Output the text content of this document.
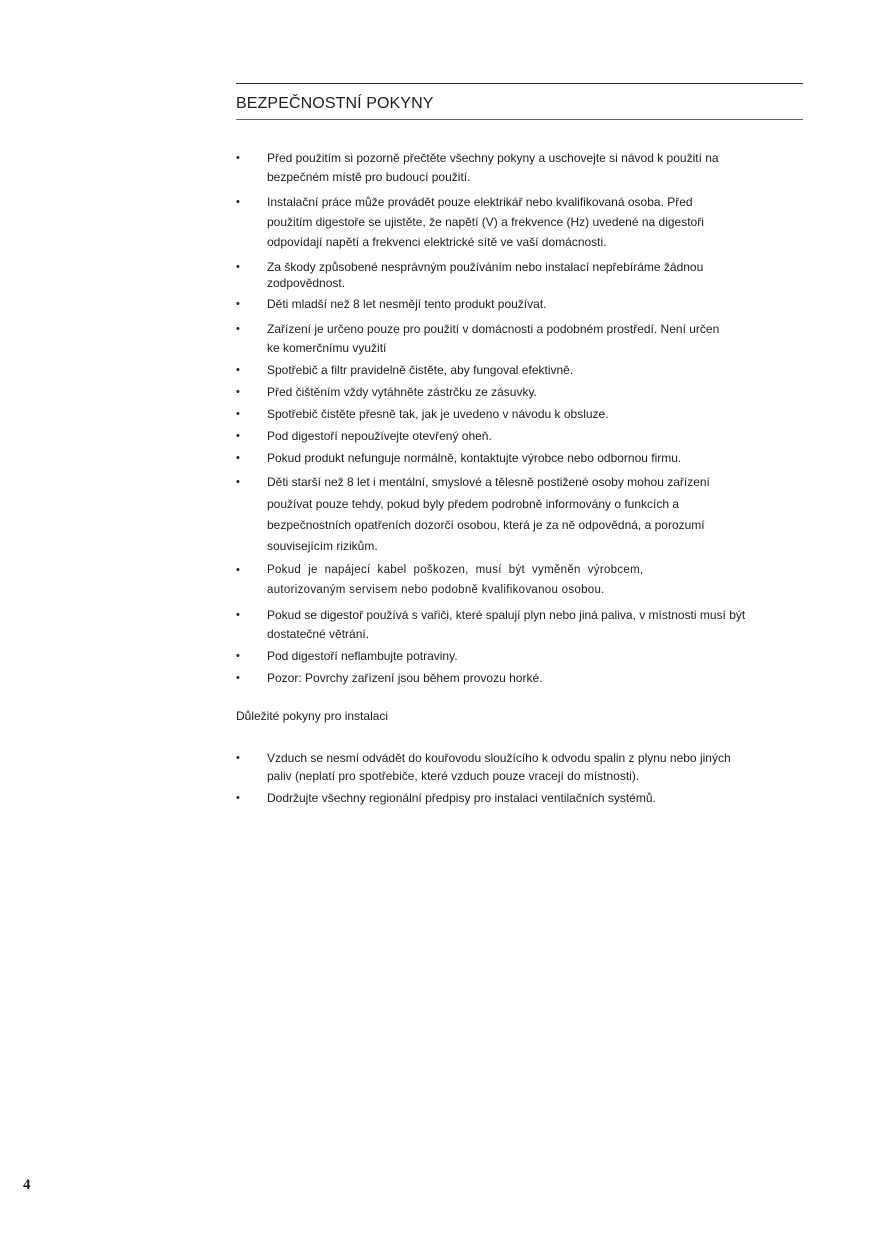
BEZPEČNOSTNÍ POKYNY
• Před použitím si pozorně přečtěte všechny pokyny a uschovejte si návod k použití na
bezpečném místě pro budoucí použití.
• Instalační práce může provádět pouze elektrikář nebo kvalifikovaná osoba. Před
použitím digestoře se ujistěte, že napětí (V) a frekvence (Hz) uvedené na digestoři
odpovídají napětí a frekvenci elektrické sítě ve vaší domácnosti.
• Za škody způsobené nesprávným používáním nebo instalací nepřebíráme žádnou
zodpovědnost.
• Děti mladší než 8 let nesmějí tento produkt používat.
• Zařízení je určeno pouze pro použití v domácnosti a podobném prostředí. Není určen
ke komerčnímu využití
• Spotřebič a filtr pravidelně čistěte, aby fungoval efektivně.
• Před čištěním vždy vytáhněte zástrčku ze zásuvky.
• Spotřebič čistěte přesně tak, jak je uvedeno v návodu k obsluze.
• Pod digestoří nepoužívejte otevřený oheň.
• Pokud produkt nefunguje normálně, kontaktujte výrobce nebo odbornou firmu.
• Děti starší než 8 let i mentální, smyslové a tělesně postižené osoby mohou zařízení
používat pouze tehdy, pokud byly předem podrobně informovány o funkcích a
bezpečnostních opatřeních dozorčí osobou, která je za ně odpovědná, a porozumí
souvisejícím rizikům.
• Pokud je napájecí kabel poškozen, musí být vyměněn výrobcem,
autorizovaným servisem nebo podobně kvalifikovanou osobou.
• Pokud se digestoř používá s vařiči, které spalují plyn nebo jiná paliva, v místnosti musí být
dostatečné větrání.
• Pod digestoří neflambujte potraviny.
• Pozor: Povrchy zařízení jsou během provozu horké.
Důležité pokyny pro instalaci
• Vzduch se nesmí odvádět do kouřovodu sloužícího k odvodu spalin z plynu nebo jiných
paliv (neplatí pro spotřebiče, které vzduch pouze vracejí do místnosti).
• Dodržujte všechny regionální předpisy pro instalaci ventilačních systémů.
4
